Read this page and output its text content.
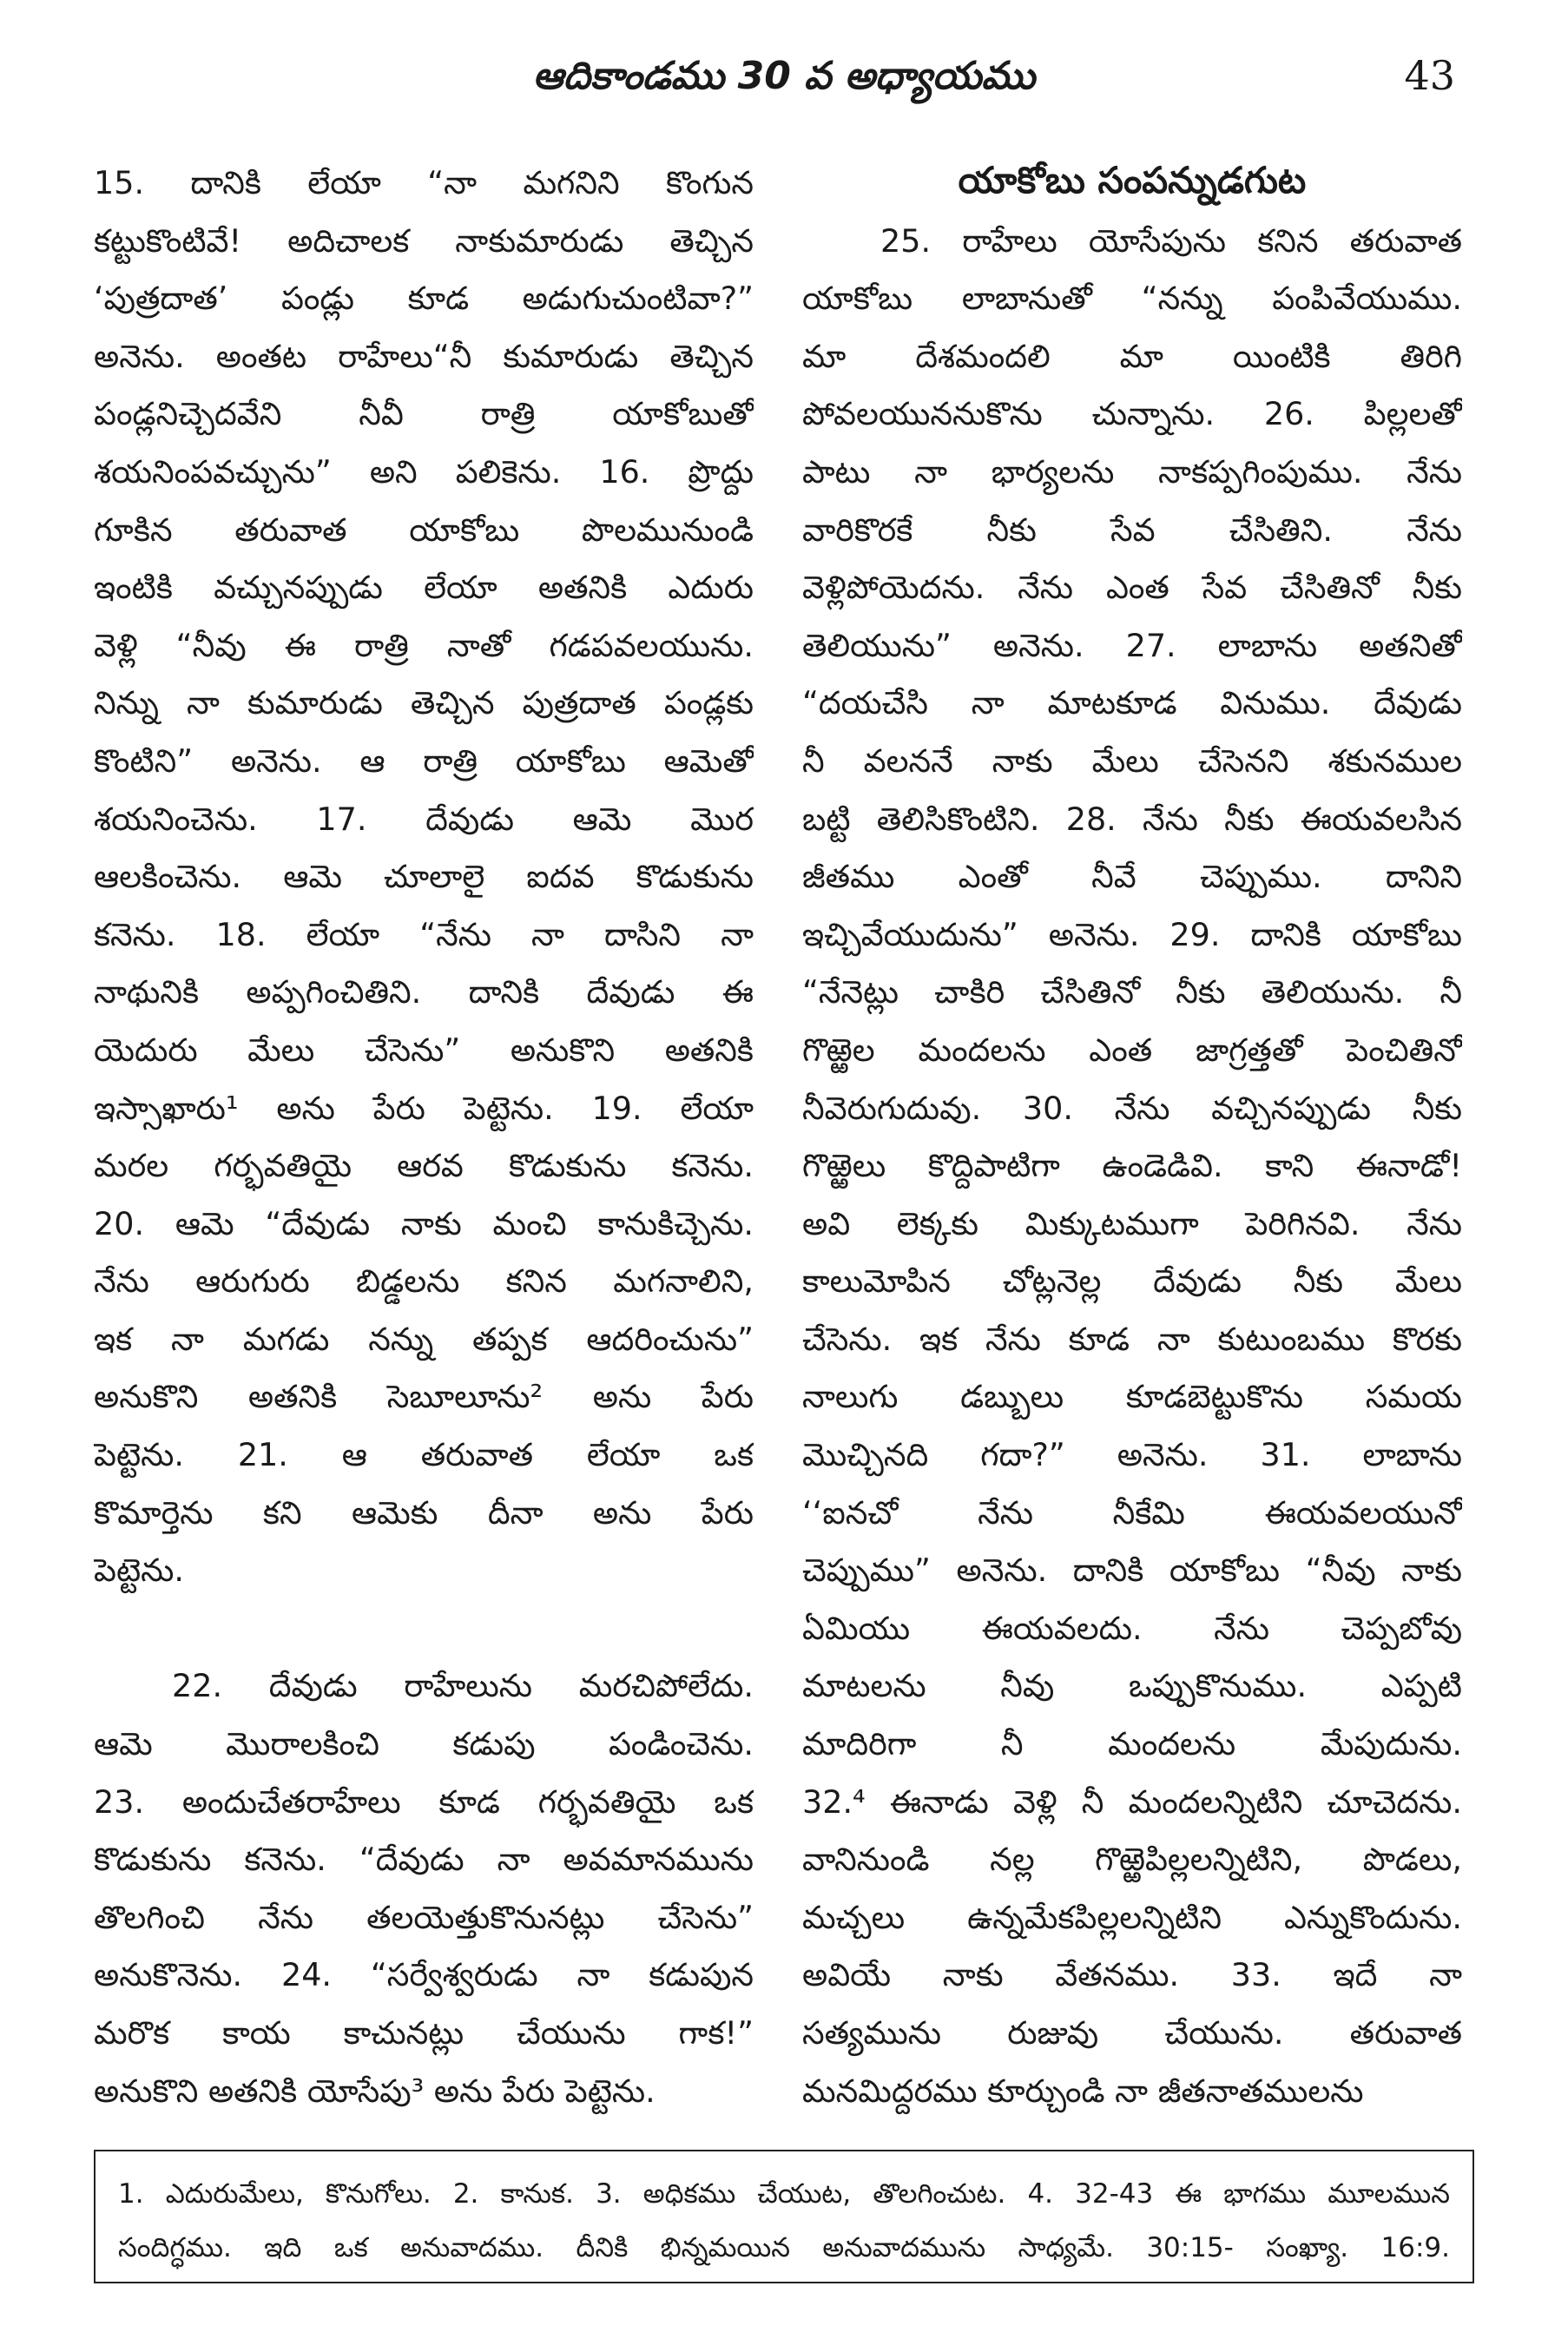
ఆదికాండము 30 వ అధ్యాయము	43
15. దానికి లేయా “నా మగనిని కొంగున
కట్టుకొంటివే! అదిచాలక నాకుమారుడు తెచ్చిన
‘పుత్రదాత’ పండ్లు కూడ అడుగుచుంటివా?”
అనెను. అంతట రాహేలు“నీ కుమారుడు తెచ్చిన
పండ్లనిచ్చెదవేని నీవీ రాత్రి యాకోబుతో
శయనింపవచ్చును” అని పలికెను. 16. ప్రొద్దు
గూకిన తరువాత యాకోబు పొలమునుండి
ఇంటికి వచ్చునప్పుడు లేయా అతనికి ఎదురు
వెళ్లి “నీవు ఈ రాత్రి నాతో గడపవలయును.
నిన్ను నా కుమారుడు తెచ్చిన పుత్రదాత పండ్లకు
కొంటిని” అనెను. ఆ రాత్రి యాకోబు ఆమెతో
శయనించెను. 17. దేవుడు ఆమె మొర
ఆలకించెను. ఆమె చూలాలై ఐదవ కొడుకును
కనెను. 18. లేయా “నేను నా దాసిని నా
నాథునికి అప్పగించితిని. దానికి దేవుడు ఈ
యెదురు మేలు చేసెను” అనుకొని అతనికి
ఇస్సాఖారు¹ అను పేరు పెట్టెను. 19. లేయా
మరల గర్భవతియై ఆరవ కొడుకును కనెను.
20. ఆమె “దేవుడు నాకు మంచి కానుకిచ్చెను.
నేను ఆరుగురు బిడ్డలను కనిన మగనాలిని,
ఇక నా మగడు నన్ను తప్పక ఆదరించును”
అనుకొని అతనికి సెబూలూను² అను పేరు
పెట్టెను. 21. ఆ తరువాత లేయా ఒక
కొమార్తెను కని ఆమెకు దీనా అను పేరు
పెట్టెను.
22. దేవుడు రాహేలును మరచిపోలేదు.
ఆమె మొరాలకించి కడుపు పండించెను.
23. అందుచేతరాహేలు కూడ గర్భవతియై ఒక
కొడుకును కనెను. “దేవుడు నా అవమానమును
తొలగించి నేను తలయెత్తుకొనునట్లు చేసెను”
అనుకొనెను. 24. “సర్వేశ్వరుడు నా కడుపున
మరొక కాయ కాచునట్లు చేయును గాక!”
అనుకొని అతనికి యోసేపు³ అను పేరు పెట్టెను.
యాకోబు సంపన్నుడగుట
25. రాహేలు యోసేపును కనిన తరువాత
యాకోబు లాబానుతో “నన్ను పంపివేయుము.
మా దేశమందలి మా యింటికి తిరిగి
పోవలయుననుకొను చున్నాను. 26. పిల్లలతో
పాటు నా భార్యలను నాకప్పగింపుము. నేను
వారికొరకే నీకు సేవ చేసితిని. నేను
వెళ్లిపోయెదను. నేను ఎంత సేవ చేసితినో నీకు
తెలియును” అనెను. 27. లాబాను అతనితో
“దయచేసి నా మాటకూడ వినుము. దేవుడు
నీ వలననే నాకు మేలు చేసెనని శకునముల
బట్టి తెలిసికొంటిని. 28. నేను నీకు ఈయవలసిన
జీతము ఎంతో నీవే చెప్పుము. దానిని
ఇచ్చివేయుదును” అనెను. 29. దానికి యాకోబు
“నేనెట్లు చాకిరి చేసితినో నీకు తెలియును. నీ
గొఱ్ఱెల మందలను ఎంత జాగ్రత్తతో పెంచితినో
నీవెరుగుదువు. 30. నేను వచ్చినప్పుడు నీకు
గొఱ్ఱెలు కొద్దిపాటిగా ఉండెడివి. కాని ఈనాడో!
అవి లెక్కకు మిక్కుటముగా పెరిగినవి. నేను
కాలుమోపిన చోట్లనెల్ల దేవుడు నీకు మేలు
చేసెను. ఇక నేను కూడ నా కుటుంబము కొరకు
నాలుగు డబ్బులు కూడబెట్టుకొను సమయ
మొచ్చినది గదా?” అనెను. 31. లాబాను
‘‘ఐనచో నేను నీకేమి ఈయవలయునో
చెప్పుము” అనెను. దానికి యాకోబు “నీవు నాకు
ఏమియు ఈయవలదు. నేను చెప్పబోవు
మాటలను నీవు ఒప్పుకొనుము. ఎప్పటి
మాదిరిగా నీ మందలను మేపుదును.
32.⁴ ఈనాడు వెళ్లి నీ మందలన్నిటిని చూచెదను.
వానినుండి నల్ల గొఱ్ఱెపిల్లలన్నిటిని, పొడలు,
మచ్చలు ఉన్నమేకపిల్లలన్నిటిని ఎన్నుకొందును.
అవియే నాకు వేతనము. 33. ఇదే నా
సత్యమును రుజువు చేయును. తరువాత
మనమిద్దరము కూర్చుండి నా జీతనాతములను
1. ఎదురుమేలు, కొనుగోలు. 2. కానుక. 3. అధికము చేయుట, తొలగించుట. 4. 32-43 ఈ భాగము మూలమున
సందిగ్ధము. ఇది ఒక అనువాదము. దీనికి భిన్నమయిన అనువాదమును సాధ్యమే. 30:15- సంఖ్యా. 16:9.
